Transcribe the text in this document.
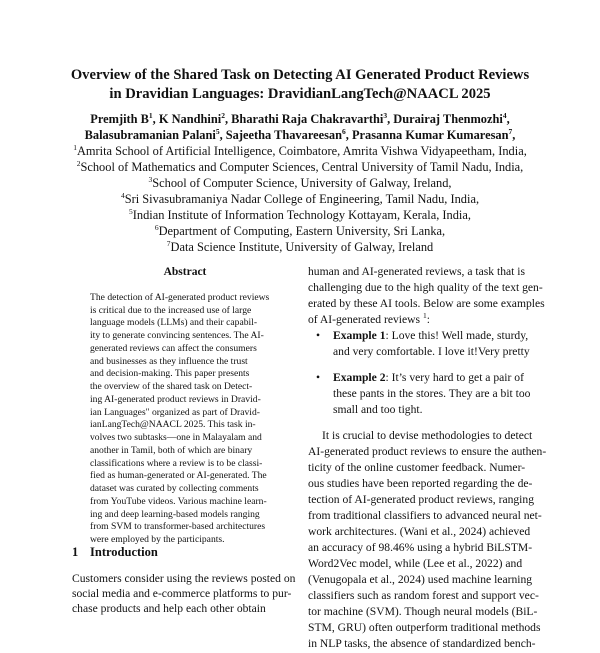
Overview of the Shared Task on Detecting AI Generated Product Reviews
in Dravidian Languages: DravidianLangTech@NAACL 2025
Premjith $B^1$, K Nandhini$^2$, Bharathi Raja Chakravarthi$^3$, Durairaj Thenmozhi$^4$,
Balasubramanian Palani$^5$, Sajeetha Thavareesan$^6$, Prasanna Kumar Kumaresan$^7$,
$^1$Amrita School of Artificial Intelligence, Coimbatore, Amrita Vishwa Vidyapeetham, India,
$^2$School of Mathematics and Computer Sciences, Central University of Tamil Nadu, India,
$^3$School of Computer Science, University of Galway, Ireland,
$^4$Sri Sivasubramaniya Nadar College of Engineering, Tamil Nadu, India,
$^5$Indian Institute of Information Technology Kottayam, Kerala, India,
$^6$Department of Computing, Eastern University, Sri Lanka,
$^7$Data Science Institute, University of Galway, Ireland
Abstract
The detection of AI-generated product reviews
is critical due to the increased use of large
language models (LLMs) and their capabil-
ity to generate convincing sentences. The AI-
generated reviews can affect the consumers
and businesses as they influence the trust
and decision-making. This paper presents
the overview of the shared task on Detect-
ing AI-generated product reviews in Dravid-
ian Languages" organized as part of Dravid-
ianLangTech@NAACL 2025. This task in-
volves two subtasks—one in Malayalam and
another in Tamil, both of which are binary
classifications where a review is to be classi-
fied as human-generated or AI-generated. The
dataset was curated by collecting comments
from YouTube videos. Various machine learn-
ing and deep learning-based models ranging
from SVM to transformer-based architectures
were employed by the participants.
1 Introduction
Customers consider using the reviews posted on
social media and e-commerce platforms to pur-
chase products and help each other obtain
human and AI-generated reviews, a task that is
challenging due to the high quality of the text gen-
erated by these AI tools. Below are some examples
of AI-generated reviews $^1$:
•	Example 1: Love this! Well made, sturdy,
and very comfortable. I love it!Very pretty
•	Example 2: It’s very hard to get a pair of
these pants in the stores. They are a bit too
small and too tight.
It is crucial to devise methodologies to detect
AI-generated product reviews to ensure the authen-
ticity of the online customer feedback. Numer-
ous studies have been reported regarding the de-
tection of AI-generated product reviews, ranging
from traditional classifiers to advanced neural net-
work architectures. (Wani et al., 2024) achieved
an accuracy of 98.46% using a hybrid BiLSTM-
Word2Vec model, while (Lee et al., 2022) and
(Venugopala et al., 2024) used machine learning
classifiers such as random forest and support vec-
tor machine (SVM). Though neural models (BiL-
STM, GRU) often outperform traditional methods
in NLP tasks, the absence of standardized bench-
